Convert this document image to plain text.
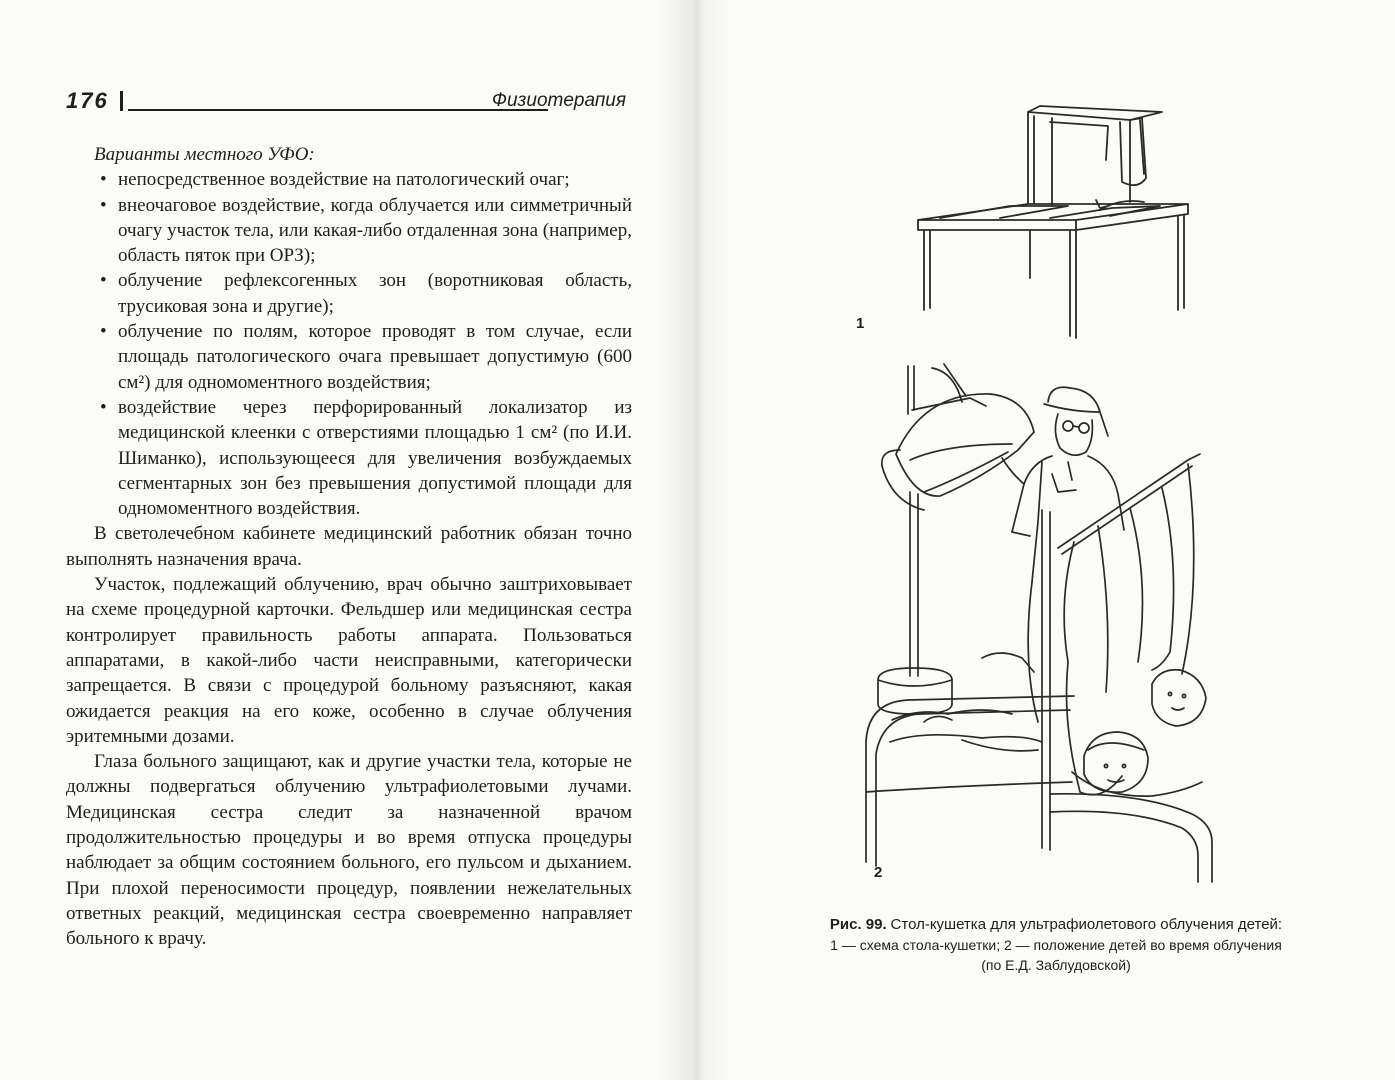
176	Физиотерапия

Варианты местного УФО:

• непосредственное воздействие на патологический очаг;
• внеочаговое воздействие, когда облучается или симметричный очагу участок тела, или какая-либо отдаленная зона (например, область пяток при ОРЗ);
• облучение рефлексогенных зон (воротниковая область, трусиковая зона и другие);
• облучение по полям, которое проводят в том случае, если площадь патологического очага превышает допустимую (600 см²) для одномоментного воздействия;
• воздействие через перфорированный локализатор из медицинской клеенки с отверстиями площадью 1 см² (по И.И. Шиманко), использующееся для увеличения возбуждаемых сегментарных зон без превышения допустимой площади для одномоментного воздействия.

В светолечебном кабинете медицинский работник обязан точно выполнять назначения врача.

Участок, подлежащий облучению, врач обычно заштриховывает на схеме процедурной карточки. Фельдшер или медицинская сестра контролирует правильность работы аппарата. Пользоваться аппаратами, в какой-либо части неисправными, категорически запрещается. В связи с процедурой больному разъясняют, какая ожидается реакция на его коже, особенно в случае облучения эритемными дозами.

Глаза больного защищают, как и другие участки тела, которые не должны подвергаться облучению ультрафиолетовыми лучами. Медицинская сестра следит за назначенной врачом продолжительностью процедуры и во время отпуска процедуры наблюдает за общим состоянием больного, его пульсом и дыханием. При плохой переносимости процедур, появлении нежелательных ответных реакций, медицинская сестра своевременно направляет больного к врачу.

1
2
Рис. 99. Стол-кушетка для ультрафиолетового облучения детей:
1 — схема стола-кушетки; 2 — положение детей во время облучения
(по Е.Д. Заблудовской)
